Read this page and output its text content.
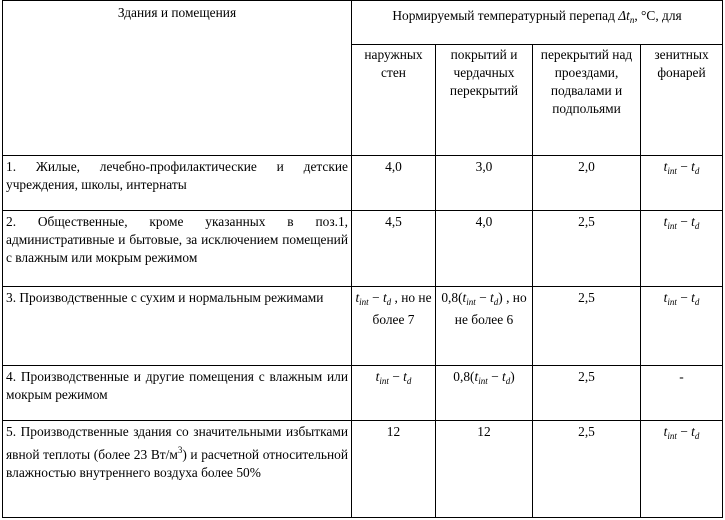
Здания и помещения	Нормируемый температурный перепад $\Delta t_n$, °С, для			
	наружных стен	покрытий и чердачных перекрытий	перекрытий над проездами, подвалами и подпольями	зенитных фонарей
1. Жилые, лечебно-профилактические и детские учреждения, школы, интернаты	4,0	3,0	2,0	$t_{int} - t_d$
2. Общественные, кроме указанных в поз.1, административные и бытовые, за исключением помещений с влажным или мокрым режимом	4,5	4,0	2,5	$t_{int} - t_d$
3. Производственные с сухим и нормальным режимами	$t_{int} - t_d$ , но не более 7	$0,8(t_{int} - t_d)$ , но не более 6	2,5	$t_{int} - t_d$
4. Производственные и другие помещения с влажным или мокрым режимом	$t_{int} - t_d$	$0,8(t_{int} - t_d)$	2,5	-
5. Производственные здания со значительными избытками явной теплоты (более 23 $Вт/м^3$) и расчетной относительной влажностью внутреннего воздуха более 50%	12	12	2,5	$t_{int} - t_d$
